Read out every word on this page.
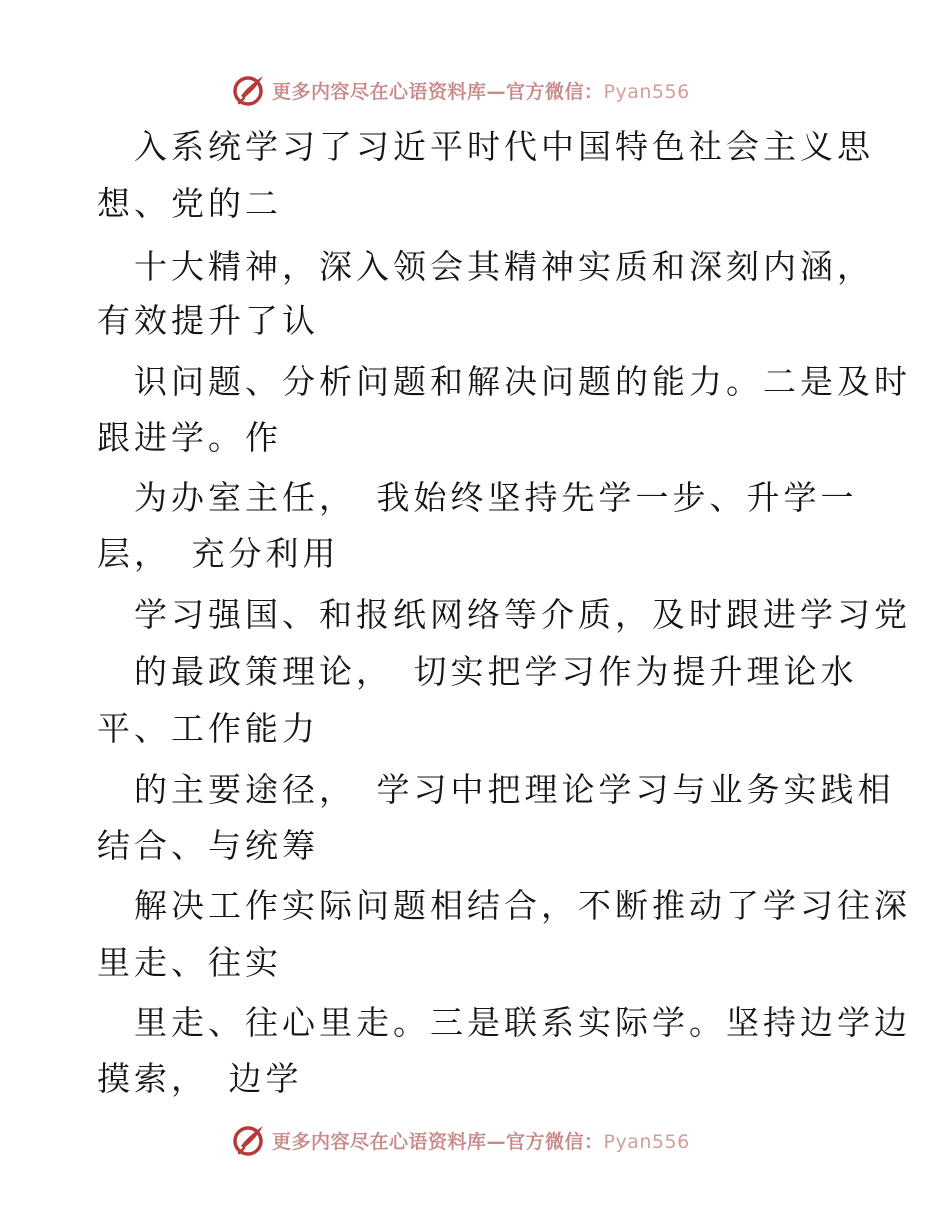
更多内容尽在心语资料库—官方微信：Pyan556
入系统学习了习近平时代中国特色社会主义思
想、党的二
十大精神，深入领会其精神实质和深刻内涵，
有效提升了认
识问题、分析问题和解决问题的能力。二是及时
跟进学。作
为办室主任，　我始终坚持先学一步、升学一
层，　充分利用
学习强国、和报纸网络等介质，及时跟进学习党
的最政策理论，　切实把学习作为提升理论水
平、工作能力
的主要途径，　学习中把理论学习与业务实践相
结合、与统筹
解决工作实际问题相结合，不断推动了学习往深
里走、往实
里走、往心里走。三是联系实际学。坚持边学边
摸索，　边学
更多内容尽在心语资料库—官方微信：Pyan556
